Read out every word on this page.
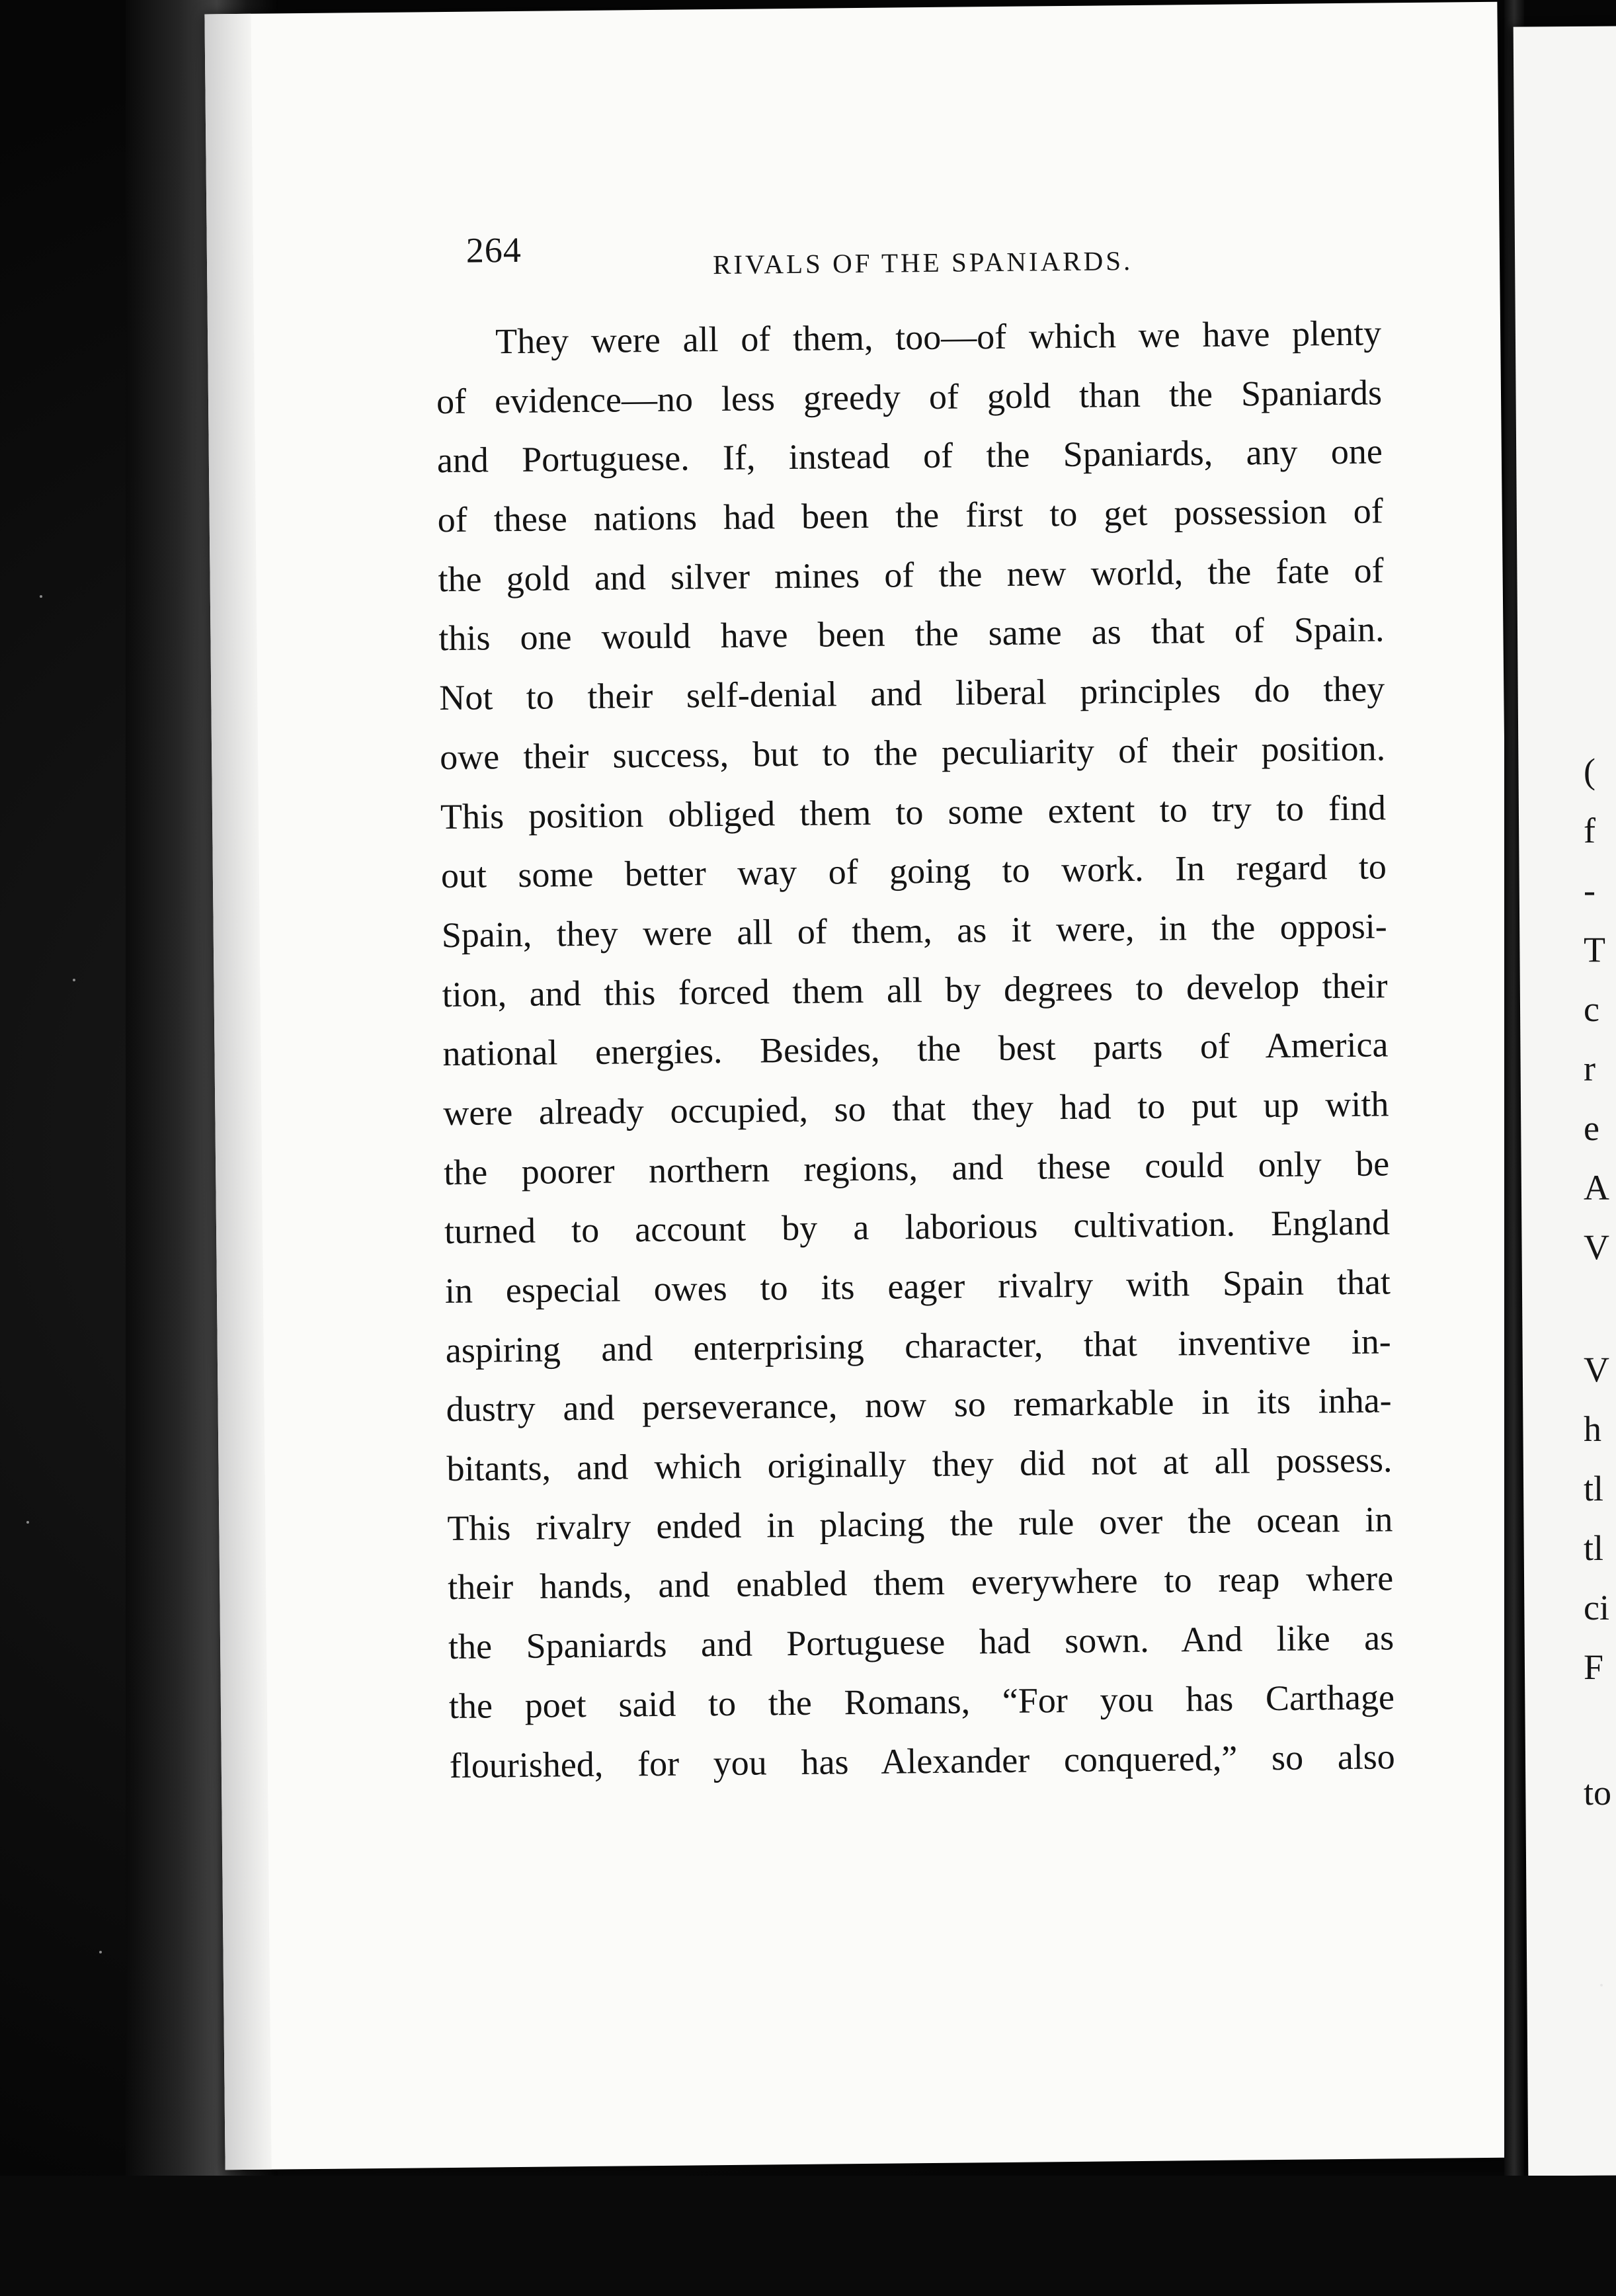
264	RIVALS OF THE SPANIARDS.
They were all of them, too—of which we have plenty
of evidence—no less greedy of gold than the Spaniards
and Portuguese. If, instead of the Spaniards, any one
of these nations had been the first to get possession of
the gold and silver mines of the new world, the fate of
this one would have been the same as that of Spain.
Not to their self-denial and liberal principles do they
owe their success, but to the peculiarity of their position.
This position obliged them to some extent to try to find
out some better way of going to work. In regard to
Spain, they were all of them, as it were, in the opposi-
tion, and this forced them all by degrees to develop their
national energies. Besides, the best parts of America
were already occupied, so that they had to put up with
the poorer northern regions, and these could only be
turned to account by a laborious cultivation. England
in especial owes to its eager rivalry with Spain that
aspiring and enterprising character, that inventive in-
dustry and perseverance, now so remarkable in its inha-
bitants, and which originally they did not at all possess.
This rivalry ended in placing the rule over the ocean in
their hands, and enabled them everywhere to reap where
the Spaniards and Portuguese had sown. And like as
the poet said to the Romans, “For you has Carthage
flourished, for you has Alexander conquered,” so also
(
f
-
T
c
r
e
A
V
V
h
tl
tl
ci
F
to
